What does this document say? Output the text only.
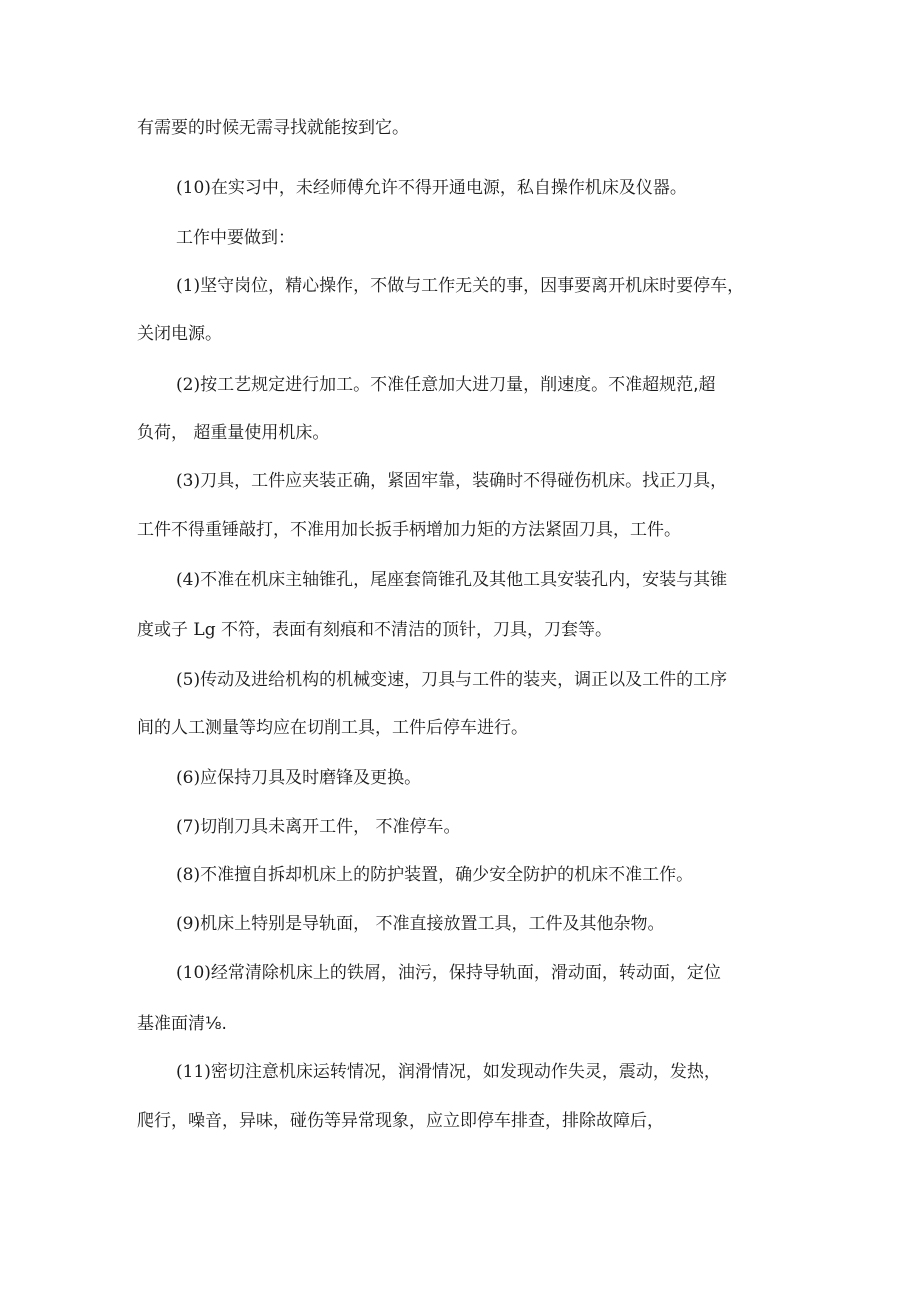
有需要的时候无需寻找就能按到它。
(10)在实习中，未经师傅允许不得开通电源，私自操作机床及仪器。
工作中要做到：
(1)坚守岗位，精心操作，不做与工作无关的事，因事要离开机床时要停车，
关闭电源。
(2)按工艺规定进行加工。不准任意加大进刀量，削速度。不准超规范,超
负荷， 超重量使用机床。
(3)刀具，工件应夹装正确，紧固牢靠，装确时不得碰伤机床。找正刀具，
工件不得重锤敲打，不准用加长扳手柄增加力矩的方法紧固刀具，工件。
(4)不准在机床主轴锥孔，尾座套筒锥孔及其他工具安装孔内，安装与其锥
度或子 Lg 不符，表面有刻痕和不清洁的顶针，刀具，刀套等。
(5)传动及进给机构的机械变速，刀具与工件的装夹，调正以及工件的工序
间的人工测量等均应在切削工具，工件后停车进行。
(6)应保持刀具及时磨锋及更换。
(7)切削刀具未离开工件， 不准停车。
(8)不准擅自拆却机床上的防护装置，确少安全防护的机床不准工作。
(9)机床上特别是导轨面， 不准直接放置工具，工件及其他杂物。
(10)经常清除机床上的铁屑，油污，保持导轨面，滑动面，转动面，定位
基准面清⅛.
(11)密切注意机床运转情况，润滑情况，如发现动作失灵，震动，发热，
爬行，噪音，异味，碰伤等异常现象，应立即停车排查，排除故障后，
